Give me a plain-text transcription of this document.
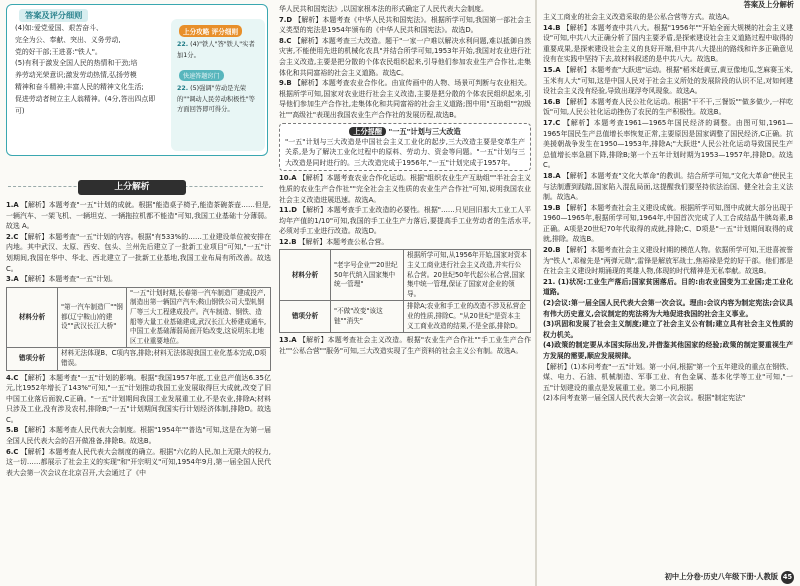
答案及评分细则
(4)如:爱党爱国、艰苦奋斗、
完全为公、奉献、突出、义务劳动,
党的好干部;王进喜:"铁人"。
(5)有利于激发全国人民的热情和干劲;培
养劳动光荣意识;激发劳动热情,弘扬劳模
精神和奋斗精神;丰富人民的精神文化生活;
促进劳动者树立主人翁精神。(4分,答出四点即可)
上分攻略 评分细则
22. (4)"铁人"答"铁人"实者加1分。
快速答题窍门
22. (5)强调"劳动是光荣的""调动人民劳动积极性"等方面回答即可得分。
上分解析

1.A 【解析】本题考查"一五"计划的成就。根据"能造桌子椅子,能造茶碗茶壶……但是,一辆汽车、一架飞机、一辆坦克、一辆拖拉机都不能造"可知,我国工业基础十分薄弱。故选 A。

2.C 【解析】本题考查"一五"计划的内容。根据"有533%的……工业建设单位被安排在内地。其中武汉、太原、西安、包头、兰州先后建立了一批新工业项目"可知,"一五"计划期间,我国在华中、华北、西北建立了一批新工业基地,我国工业布局有所改善。故选 C。

3.A 【解析】本题考查"一五"计划。

材料分析	"第一汽车制造厂""钢都(辽宁鞍山)的建设""武汉长江大桥"	"一五"计划时期,长春第一汽车制造厂建成投产,制造出第一辆国产汽车;鞍山钢铁公司大型轧钢厂等三大工程建成投产。汽车制造、钢铁、造船等大量工业基础建成,武汉长江大桥建成通车,中国工业基础薄弱局面开始改变,这说明东北地区工业重要地位。
错项分析	材料无法体现B、C项内容,排除;材料无法体现我国工业化基本完成,D项错误。	

4.C 【解析】本题考查"一五"计划的影响。根据"我国1957年底,工业总产值达6.35亿元,比1952年增长了143%"可知,"一五"计划推动我国工业发展取得巨大成就,改变了旧中国工业落后面貌,C正确。"一五"计划期间我国工业发展重工业,不是农业,排除A;材料只涉及工业,没有涉及农村,排除B;"一五"计划期间我国实行计划经济体制,排除D。故选C。

5.B 【解析】本题考查人民代表大会制度。根据"1954年""普选"可知,这是在为第一届全国人民代表大会的召开做准备,排除B。故选B。

6.C 【解析】本题考查人民代表大会制度的确立。根据"六亿的人民,加上无限大的权力,这一切……都展示了社会主义的实现"和"开宗明义"可知,1954年9月,第一届全国人民代表大会第一次会议在北京召开,大会通过了《中

华人民共和国宪法》,以国家根本法的形式确定了人民代表大会制度。

7.D 【解析】本题考查《中华人民共和国宪法》。根据所学可知,我国第一部社会主义类型的宪法是1954年颁布的《中华人民共和国宪法》。故选D。

8.C 【解析】本题考查三大改造。题干"一家一户难以解决水利问题,难以抵御自然灾害,不能使用先进的机械化农具"并结合所学可知,1953年开始,我国对农业进行社会主义改造,主要是把分散的个体农民组织起来,引导他们参加农业生产合作社,走集体化和共同富裕的社会主义道路。故选C。

9.B 【解析】本题考查农业合作化。由宣传画中的人物、场景可判断与农业相关。根据所学可知,国家对农业进行社会主义改造,主要是把分散的个体农民组织起来,引导他们参加生产合作社,走集体化和共同富裕的社会主义道路;图中用"互助组""初级社""高级社"表现出我国农业生产合作社的发展历程,故选B。

上分提醒 "一五"计划与三大改造

"一五"计划与三大改造是中国社会主义工业化的起步,三大改造主要是变革生产关系,是为了解决工业化过程中的原料、劳动力、资金等问题。"一五"计划与三大改造是同时进行的。三大改造完成于1956年,"一五"计划完成于1957年。

10.A 【解析】本题考查农业合作化运动。根据"组织农业生产互助组""半社会主义性质的农业生产合作社""完全社会主义性质的农业生产合作社"可知,说明我国农业社会主义改造进展迅速。故选A。

11.D 【解析】本题考查手工业改造的必要性。根据"……只见回旧那大工业工人平均年产值的1/10"可知,我国的手工业生产力落后,要提高手工业劳动者的生活水平,必须对手工业进行改造。故选D。

12.B 【解析】本题考查公私合营。

材料分析	"老字号企业""20世纪50年代纳入国家集中统一管理"	根据所学可知,从1956年开始,国家对资本主义工商业进行社会主义改造,并实行公私合营。20世纪50年代起公私合营,国家集中统一管理,保证了国家对企业的领导。
错项分析	"不做"改变"该这链""消失"	排除A;农业和手工业的改造不涉及私营企业的性质,排除C。"从20世纪"是资本主义工商业改造的结果,不是全部,排除D。

13.A 【解析】本题考查社会主义改造。根据"农业生产合作社""手工业生产合作社""公私合营""服务"可知,三大改造实现了生产资料的社会主义公有制。故选A。

答案及上分解析

主义工商业的社会主义改造采取的是公私合营等方式。故选A。

14.B 【解析】本题考查中共八大。根据"1956年""开始全面大规模的社会主义建设"可知,中共八大正确分析了国内主要矛盾,是探索建设社会主义道路过程中取得的重要成果,是探索建设社会主义的良好开端,但中共八大提出的路线和许多正确意见没有在实践中坚持下去,故材料叙述的是中共八大。故选B。

15.A 【解析】本题考查"大跃进"运动。根据"稻米赶黄豆,黄豆像地瓜,芝麻赛玉米,玉米有人大"可知,这是中国人民对于社会主义所处的发展阶段的认识不足,对如何建设社会主义没有经验,导致出现浮夸风现象。故选A。

16.B 【解析】本题考查人民公社化运动。根据"干不干,三餐饭""做多做少,一样吃饭"可知,人民公社化运动挫伤了农民的生产积极性。故选B。

17.C 【解析】本题考查1961—1965年国民经济的调整。由图可知,1961—1965年国民生产总值增长率恢复正常,主要原因是国家调整了国民经济,C正确。抗美援朝战争发生在1950—1953年,排除A;"大跃进"人民公社化运动导致国民生产总值增长率急剧下降,排除B;第一个五年计划时期为1953—1957年,排除D。故选C。

18.A 【解析】本题考查"文化大革命"的教训。结合所学可知,"文化大革命"使民主与法制遭到践踏,国家陷入混乱局面,这提醒我们要坚持依法治国、健全社会主义法制。故选A。

19.B 【解析】本题考查社会主义建设成就。根据所学可知,图中成就大部分出现于1960—1965年,根据所学可知,1964年,中国首次完成了人工合成结晶牛胰岛素,B正确。A项是20世纪70年代取得的成就,排除;C、D项是"一五"计划期间取得的成就,排除。故选B。

20.B 【解析】本题考查社会主义建设时期的模范人物。依据所学可知,王进喜被誉为"铁人",邓稼先是"两弹元勋",雷锋是解放军战士,焦裕禄是党的好干部。他们都是在社会主义建设时期涌现的英雄人物,体现的时代精神是无私奉献。故选B。

21. (1)状况:工业生产落后;国家贫困落后。目的:由农业国变为工业国;走工业化道路。

(2)会议:第一届全国人民代表大会第一次会议。理由:会议内容为制定宪法;会议具有伟大历史意义,会议制定的宪法将为大地促进我国的社会主义事业。

(3)巩固和发展了社会主义制度;建立了社会主义公有制;建立具有社会主义性质的权力机关。

(4)政策的制定要从本国实际出发,并借鉴其他国家的经验;政策的制定要重视生产方发展的需要,顺应发展规律。

【解析】(1)本问考查"一五"计划。第一小问,根据"第一个五年建设的重点在钢铁、煤、电力、石油、机械制造、军事工业、有色金属、基本化学等工业"可知,"一五"计划建设的重点是发展重工业。第二小问,根据

(2)本问考查第一届全国人民代表大会第一次会议。根据"制定宪法"

初中上分卷·历史八年级下册·人教版 45
